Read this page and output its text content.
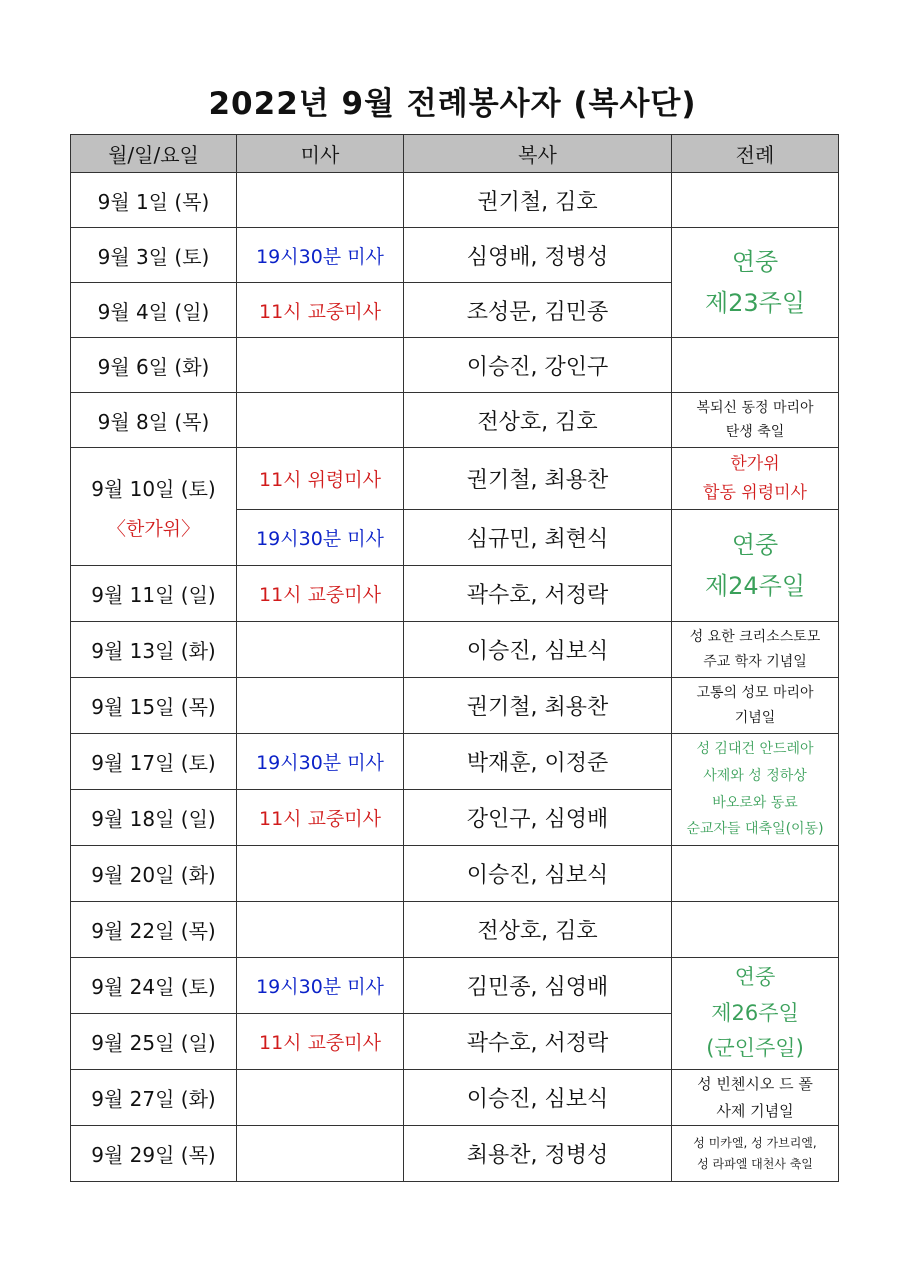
2022년 9월 전례봉사자 (복사단)
월/일/요일	미사	복사	전례
9월 1일 (목)		권기철, 김호	
9월 3일 (토)	19시30분 미사	심영배, 정병성	연중
제23주일

9월 4일 (일)	11시 교중미사	조성문, 김민종	
9월 6일 (화)		이승진, 강인구	
9월 8일 (목)		전상호, 김호	복되신 동정 마리아
탄생 축일

9월 10일 (토)
〈한가위〉	11시 위령미사	권기철, 최용찬	한가위
합동 위령미사

	19시30분 미사	심규민, 최현식	연중
제24주일

9월 11일 (일)	11시 교중미사	곽수호, 서정락	
9월 13일 (화)		이승진, 심보식	성 요한 크리소스토모
주교 학자 기념일

9월 15일 (목)		권기철, 최용찬	고통의 성모 마리아
기념일

9월 17일 (토)	19시30분 미사	박재훈, 이정준	성 김대건 안드레아
사제와 성 정하상
바오로와 동료
순교자들 대축일(이동)

9월 18일 (일)	11시 교중미사	강인구, 심영배	
9월 20일 (화)		이승진, 심보식	
9월 22일 (목)		전상호, 김호	
9월 24일 (토)	19시30분 미사	김민종, 심영배	연중
제26주일
(군인주일)

9월 25일 (일)	11시 교중미사	곽수호, 서정락	
9월 27일 (화)		이승진, 심보식	성 빈첸시오 드 폴
사제 기념일

9월 29일 (목)		최용찬, 정병성	성 미카엘, 성 가브리엘,
성 라파엘 대천사 축일
